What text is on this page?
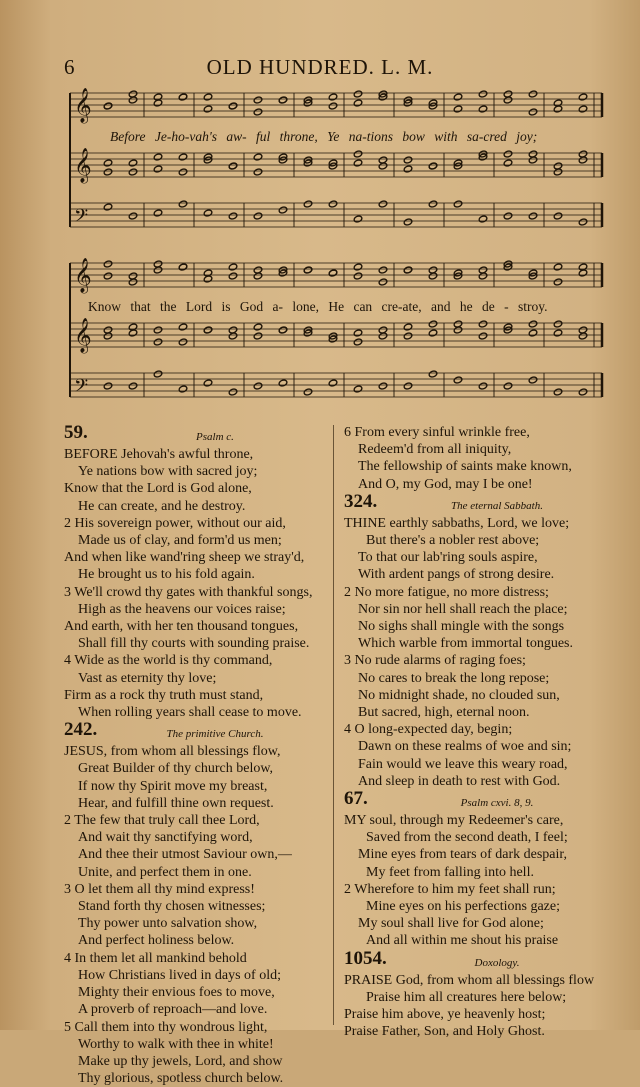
6	OLD HUNDRED. L. M.
𝄞
𝄞
𝄢
Before Je-ho-vah's aw- ful throne, Ye na-tions bow with sa-cred joy;
𝄞
𝄞
𝄢
Know that the Lord is God a- lone, He can cre-ate, and he de - stroy.
59.	Psalm c.
BEFORE Jehovah's awful throne,
Ye nations bow with sacred joy;
Know that the Lord is God alone,
He can create, and he destroy.
2 His sovereign power, without our aid,
Made us of clay, and form'd us men;
And when like wand'ring sheep we stray'd,
He brought us to his fold again.
3 We'll crowd thy gates with thankful songs,
High as the heavens our voices raise;
And earth, with her ten thousand tongues,
Shall fill thy courts with sounding praise.
4 Wide as the world is thy command,
Vast as eternity thy love;
Firm as a rock thy truth must stand,
When rolling years shall cease to move.
242.	The primitive Church.
JESUS, from whom all blessings flow,
Great Builder of thy church below,
If now thy Spirit move my breast,
Hear, and fulfill thine own request.
2 The few that truly call thee Lord,
And wait thy sanctifying word,
And thee their utmost Saviour own,—
Unite, and perfect them in one.
3 O let them all thy mind express!
Stand forth thy chosen witnesses;
Thy power unto salvation show,
And perfect holiness below.
4 In them let all mankind behold
How Christians lived in days of old;
Mighty their envious foes to move,
A proverb of reproach—and love.
5 Call them into thy wondrous light,
Worthy to walk with thee in white!
Make up thy jewels, Lord, and show
Thy glorious, spotless church below.
6 From every sinful wrinkle free,
Redeem'd from all iniquity,
The fellowship of saints make known,
And O, my God, may I be one!
324.	The eternal Sabbath.
THINE earthly sabbaths, Lord, we love;
But there's a nobler rest above;
To that our lab'ring souls aspire,
With ardent pangs of strong desire.
2 No more fatigue, no more distress;
Nor sin nor hell shall reach the place;
No sighs shall mingle with the songs
Which warble from immortal tongues.
3 No rude alarms of raging foes;
No cares to break the long repose;
No midnight shade, no clouded sun,
But sacred, high, eternal noon.
4 O long-expected day, begin;
Dawn on these realms of woe and sin;
Fain would we leave this weary road,
And sleep in death to rest with God.
67.	Psalm cxvi. 8, 9.
MY soul, through my Redeemer's care,
Saved from the second death, I feel;
Mine eyes from tears of dark despair,
My feet from falling into hell.
2 Wherefore to him my feet shall run;
Mine eyes on his perfections gaze;
My soul shall live for God alone;
And all within me shout his praise
1054.	Doxology.
PRAISE God, from whom all blessings flow
Praise him all creatures here below;
Praise him above, ye heavenly host;
Praise Father, Son, and Holy Ghost.
